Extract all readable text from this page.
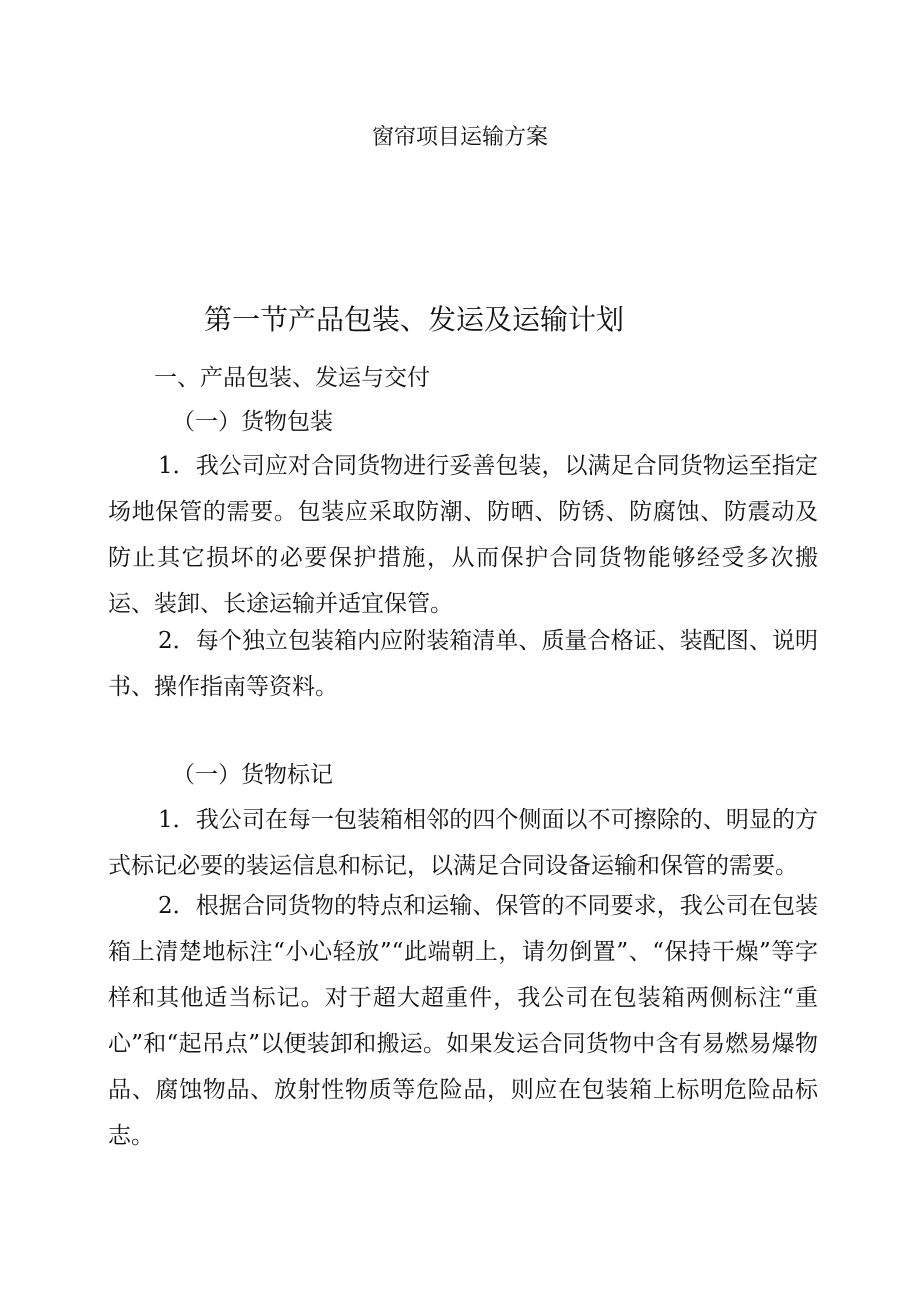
窗帘项目运输方案
第一节产品包装、发运及运输计划
一、产品包装、发运与交付
（一）货物包装

1．我公司应对合同货物进行妥善包装，以满足合同货物运至指定场地保管的需要。包装应采取防潮、防晒、防锈、防腐蚀、防震动及防止其它损坏的必要保护措施，从而保护合同货物能够经受多次搬运、装卸、长途运输并适宜保管。

2．每个独立包装箱内应附装箱清单、质量合格证、装配图、说明书、操作指南等资料。

（一）货物标记

1．我公司在每一包装箱相邻的四个侧面以不可擦除的、明显的方式标记必要的装运信息和标记，以满足合同设备运输和保管的需要。

2．根据合同货物的特点和运输、保管的不同要求，我公司在包装箱上清楚地标注“小心轻放”“此端朝上，请勿倒置”、“保持干燥”等字样和其他适当标记。对于超大超重件，我公司在包装箱两侧标注“重心”和“起吊点”以便装卸和搬运。如果发运合同货物中含有易燃易爆物品、腐蚀物品、放射性物质等危险品，则应在包装箱上标明危险品标志。
